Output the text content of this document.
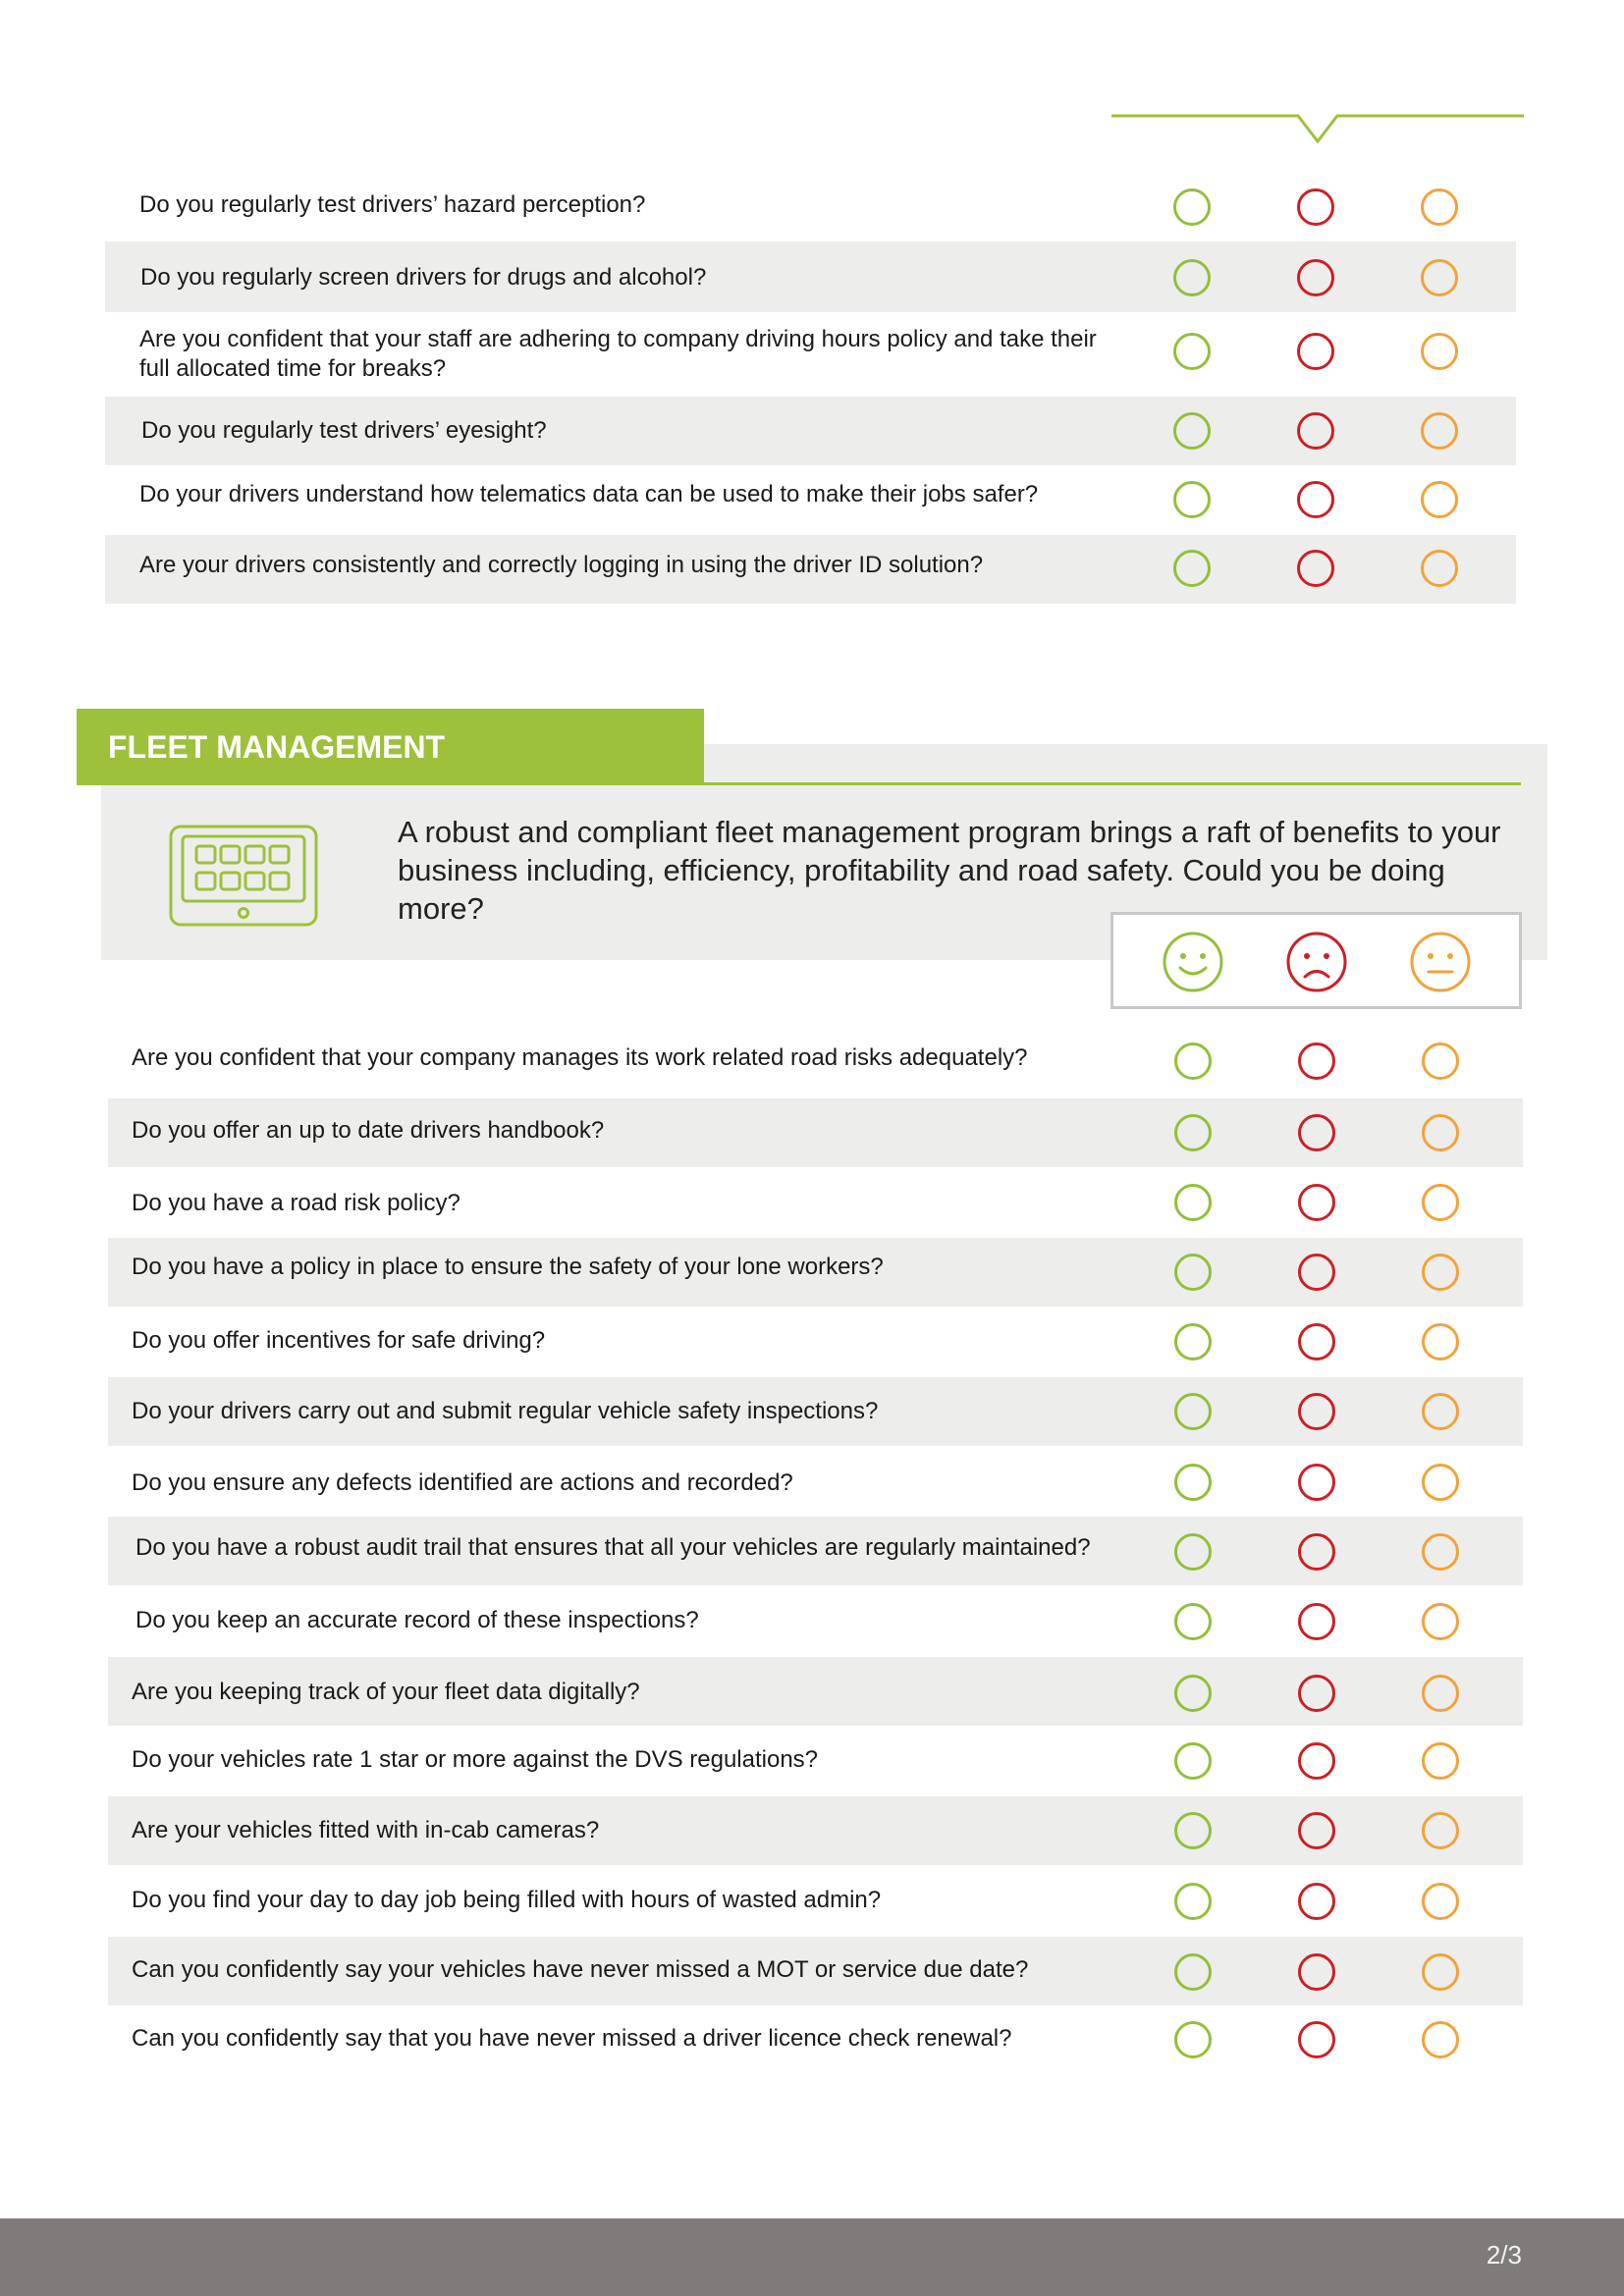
Do you regularly test drivers’ hazard perception?
Do you regularly screen drivers for drugs and alcohol?
Are you confident that your staff are adhering to company driving hours policy and take their full allocated time for breaks?
Do you regularly test drivers’ eyesight?
Do your drivers understand how telematics data can be used to make their jobs safer?
Are your drivers consistently and correctly logging in using the driver ID solution?
FLEET MANAGEMENT
A robust and compliant fleet management program brings a raft of benefits to your business including, efficiency, profitability and road safety. Could you be doing more?
Are you confident that your company manages its work related road risks adequately?
Do you offer an up to date drivers handbook?
Do you have a road risk policy?
Do you have a policy in place to ensure the safety of your lone workers?
Do you offer incentives for safe driving?
Do your drivers carry out and submit regular vehicle safety inspections?
Do you ensure any defects identified are actions and recorded?
Do you have a robust audit trail that ensures that all your vehicles are regularly maintained?
Do you keep an accurate record of these inspections?
Are you keeping track of your fleet data digitally?
Do your vehicles rate 1 star or more against the DVS regulations?
Are your vehicles fitted with in-cab cameras?
Do you find your day to day job being filled with hours of wasted admin?
Can you confidently say your vehicles have never missed a MOT or service due date?
Can you confidently say that you have never missed a driver licence check renewal?
2/3
